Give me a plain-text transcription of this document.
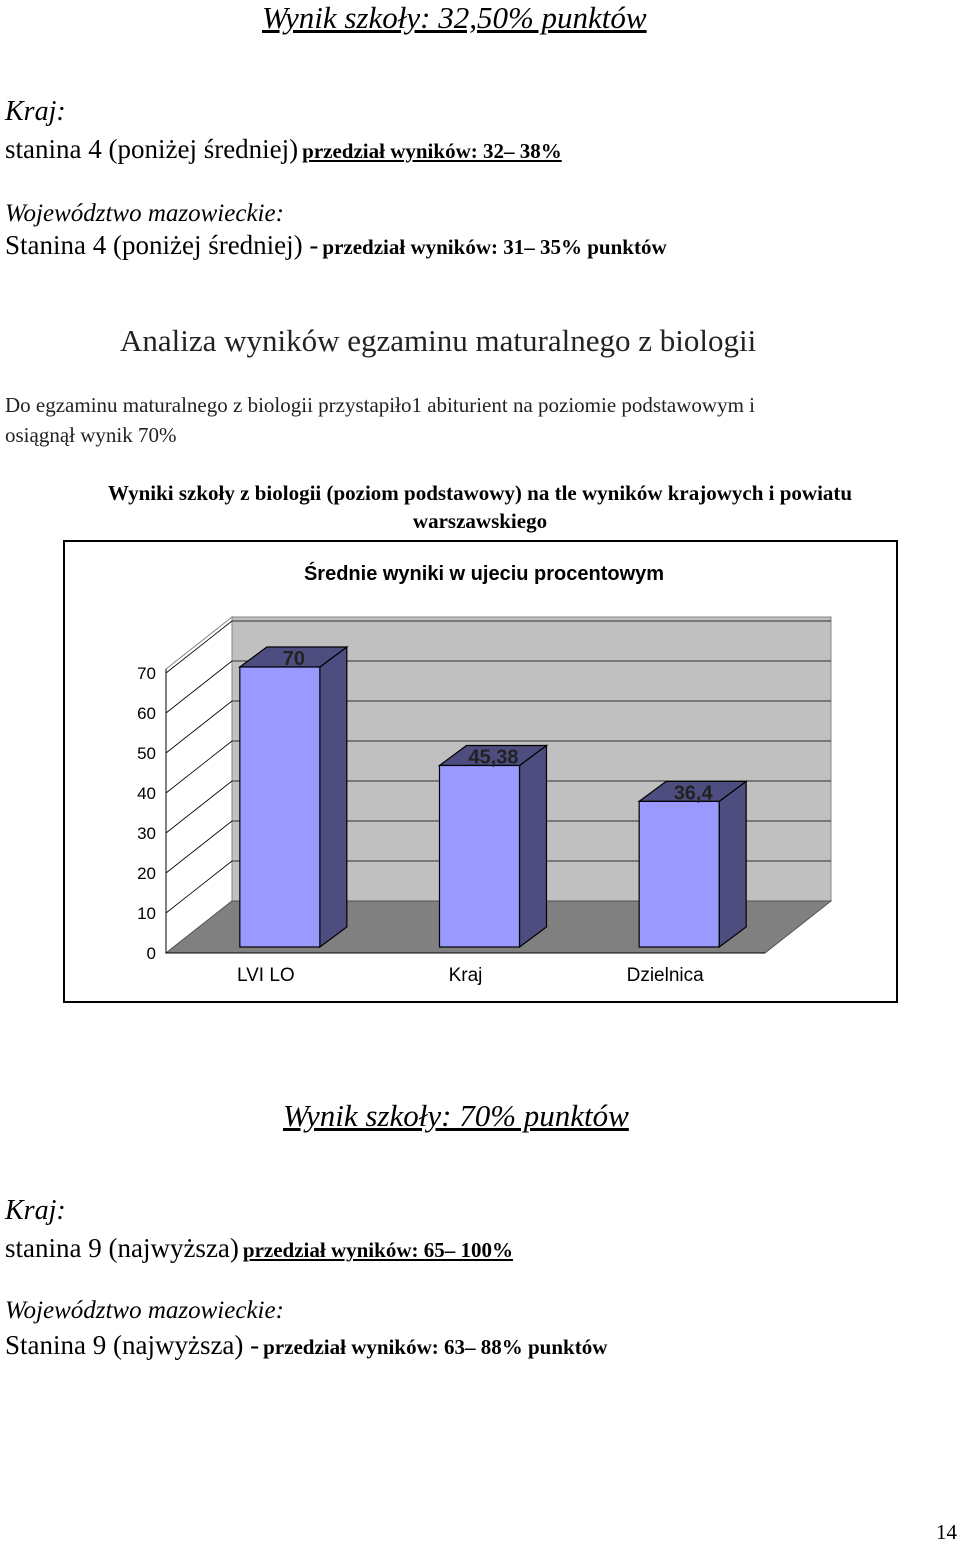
Wynik szkoły: 32,50% punktów
Kraj:
stanina 4 (poniżej średniej) przedział wyników: 32– 38%
Województwo mazowieckie:
Stanina 4 (poniżej średniej) - przedział wyników: 31– 35% punktów
Analiza wyników egzaminu maturalnego z biologii
Do egzaminu maturalnego z biologii przystapiło1 abiturient na poziomie podstawowym i
osiągnął wynik 70%
Wyniki szkoły z biologii (poziom podstawowy) na tle wyników krajowych i powiatu
warszawskiego
Średnie wyniki w ujeciu procentowym
0
10
20
30
40
50
60
70
70
LVI LO
45,38
Kraj
36,4
Dzielnica
Wynik szkoły: 70% punktów
Kraj:
stanina 9 (najwyższa) przedział wyników: 65– 100%
Województwo mazowieckie:
Stanina 9 (najwyższa) - przedział wyników: 63– 88% punktów
14
